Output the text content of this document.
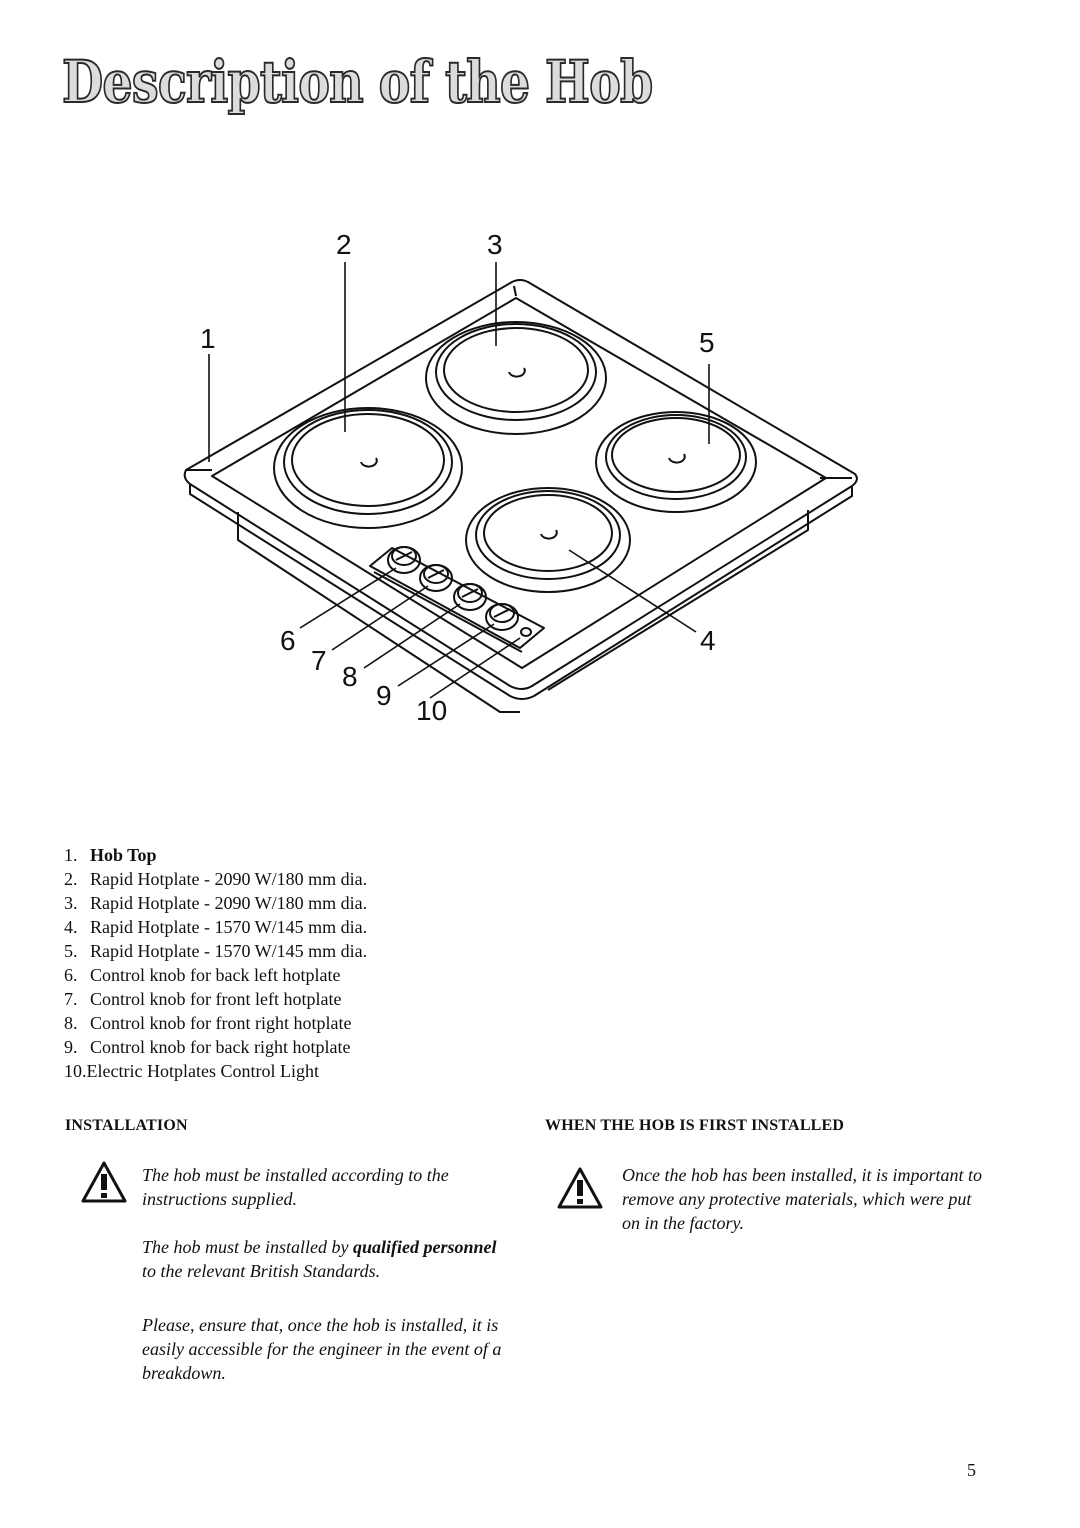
Description of the Hob
1
2	3
4
5
6
7
8
9 10
1. Hob Top
2. Rapid Hotplate - 2090 W/180 mm dia.
3. Rapid Hotplate - 2090 W/180 mm dia.
4. Rapid Hotplate - 1570 W/145 mm dia.
5. Rapid Hotplate - 1570 W/145 mm dia.
6. Control knob for back left hotplate
7. Control knob for front left hotplate
8. Control knob for front right hotplate
9. Control knob for back right hotplate
10.Electric Hotplates Control Light
INSTALLATION

The hob must be installed according to the instructions supplied.

The hob must be installed by qualified personnel to the relevant British Standards.

Please, ensure that, once the hob is installed, it is easily accessible for the engineer in the event of a breakdown.

WHEN THE HOB IS FIRST INSTALLED

Once the hob has been installed, it is important to remove any protective materials, which were put on in the factory.

5
